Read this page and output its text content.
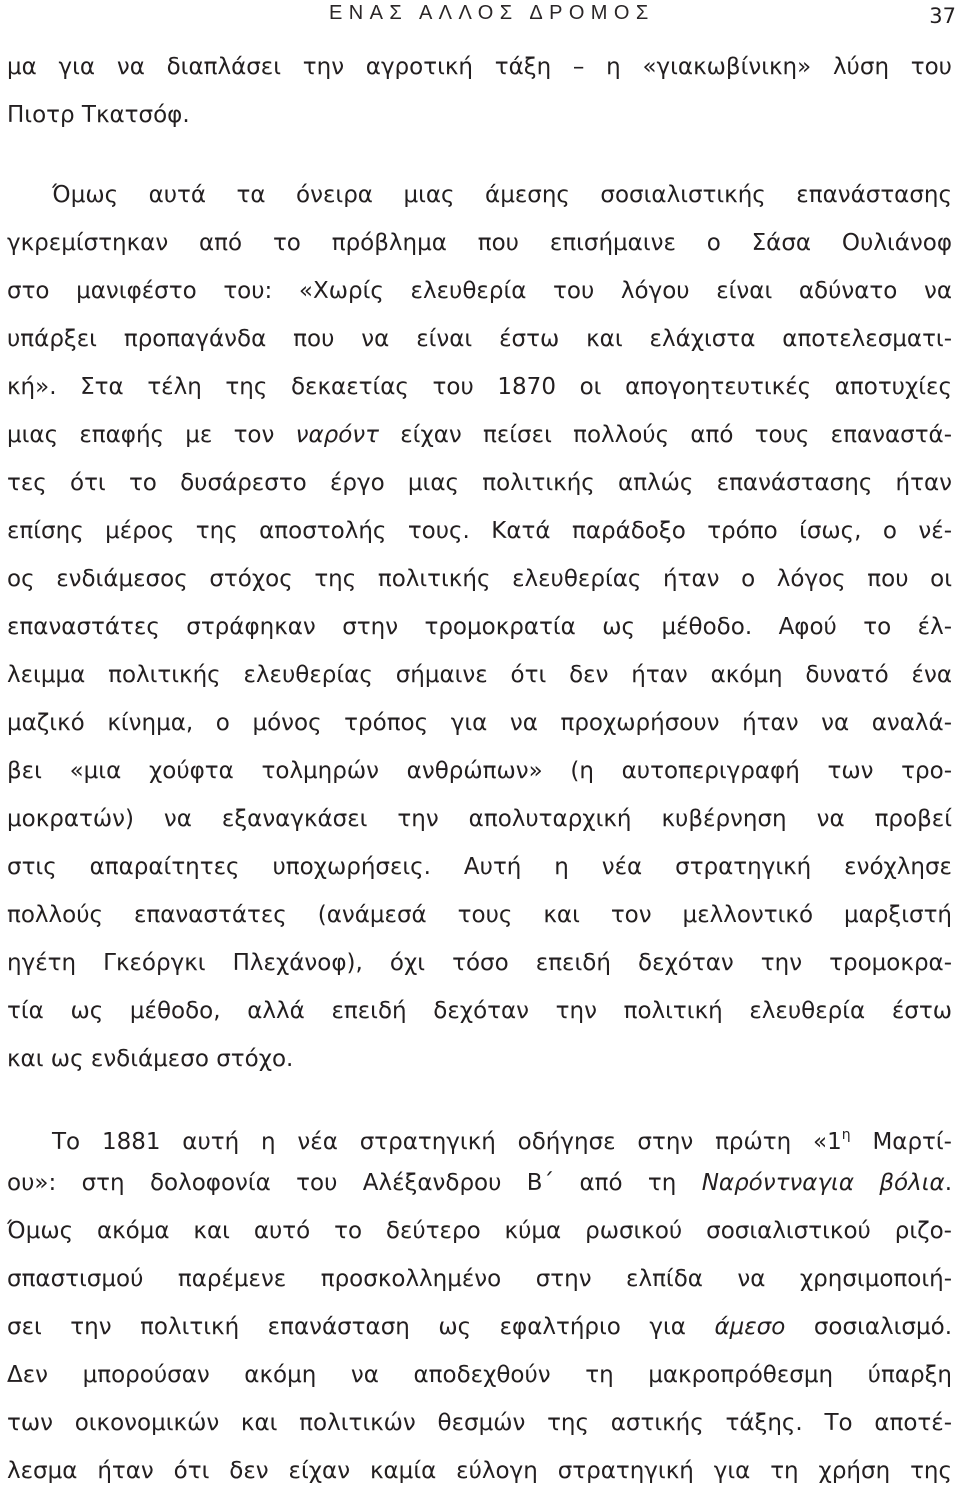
ΕΝΑΣ ΑΛΛΟΣ ΔΡΟΜΟΣ	37
μα για να διαπλάσει την αγροτική τάξη – η «γιακωβίνικη» λύση του
Πιοτρ Τκατσόφ.
Όμως αυτά τα όνειρα μιας άμεσης σοσιαλιστικής επανάστασης
γκρεμίστηκαν από το πρόβλημα που επισήμαινε ο Σάσα Ουλιάνοφ
στο μανιφέστο του: «Χωρίς ελευθερία του λόγου είναι αδύνατο να
υπάρξει προπαγάνδα που να είναι έστω και ελάχιστα αποτελεσματι-
κή». Στα τέλη της δεκαετίας του 1870 οι απογοητευτικές αποτυχίες
μιας επαφής με τον ναρόντ είχαν πείσει πολλούς από τους επαναστά-
τες ότι το δυσάρεστο έργο μιας πολιτικής απλώς επανάστασης ήταν
επίσης μέρος της αποστολής τους. Κατά παράδοξο τρόπο ίσως, ο νέ-
ος ενδιάμεσος στόχος της πολιτικής ελευθερίας ήταν ο λόγος που οι
επαναστάτες στράφηκαν στην τρομοκρατία ως μέθοδο. Αφού το έλ-
λειμμα πολιτικής ελευθερίας σήμαινε ότι δεν ήταν ακόμη δυνατό ένα
μαζικό κίνημα, ο μόνος τρόπος για να προχωρήσουν ήταν να αναλά-
βει «μια χούφτα τολμηρών ανθρώπων» (η αυτοπεριγραφή των τρο-
μοκρατών) να εξαναγκάσει την απολυταρχική κυβέρνηση να προβεί
στις απαραίτητες υποχωρήσεις. Αυτή η νέα στρατηγική ενόχλησε
πολλούς επαναστάτες (ανάμεσά τους και τον μελλοντικό μαρξιστή
ηγέτη Γκεόργκι Πλεχάνοφ), όχι τόσο επειδή δεχόταν την τρομοκρα-
τία ως μέθοδο, αλλά επειδή δεχόταν την πολιτική ελευθερία έστω
και ως ενδιάμεσο στόχο.
Το 1881 αυτή η νέα στρατηγική οδήγησε στην πρώτη «$1^\eta$ Μαρτί-
ου»: στη δολοφονία του Αλέξανδρου Β΄ από τη Ναρόντναγια βόλια.
Όμως ακόμα και αυτό το δεύτερο κύμα ρωσικού σοσιαλιστικού ριζο-
σπαστισμού παρέμενε προσκολλημένο στην ελπίδα να χρησιμοποιή-
σει την πολιτική επανάσταση ως εφαλτήριο για άμεσο σοσιαλισμό.
Δεν μπορούσαν ακόμη να αποδεχθούν τη μακροπρόθεσμη ύπαρξη
των οικονομικών και πολιτικών θεσμών της αστικής τάξης. Το αποτέ-
λεσμα ήταν ότι δεν είχαν καμία εύλογη στρατηγική για τη χρήση της
